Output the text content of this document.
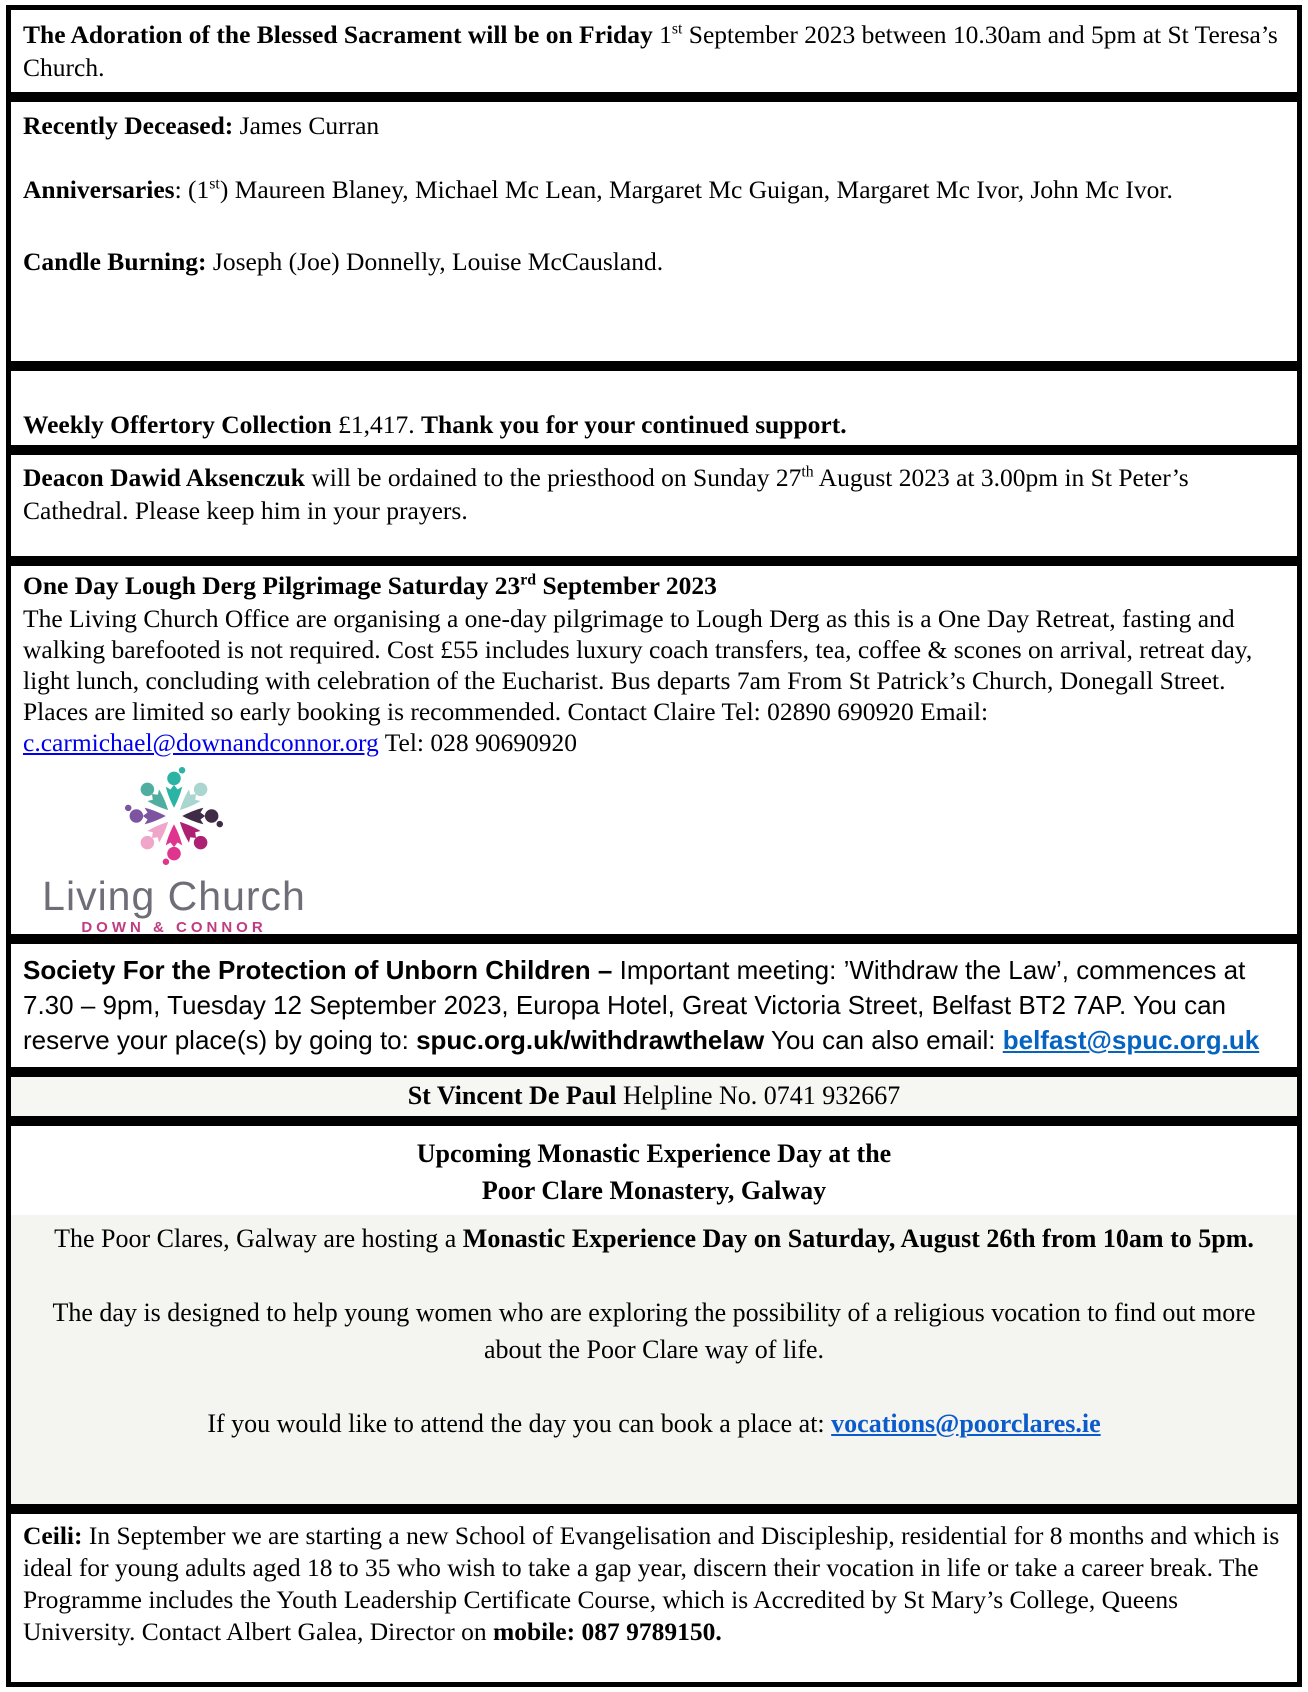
The Adoration of the Blessed Sacrament will be on Friday 1st September 2023 between 10.30am and 5pm at St Teresa’s Church.

Recently Deceased: James Curran

Anniversaries: (1st) Maureen Blaney, Michael Mc Lean, Margaret Mc Guigan, Margaret Mc Ivor, John Mc Ivor.

Candle Burning: Joseph (Joe) Donnelly, Louise McCausland.

Weekly Offertory Collection £1,417. Thank you for your continued support.

Deacon Dawid Aksenczuk will be ordained to the priesthood on Sunday 27th August 2023 at 3.00pm in St Peter’s Cathedral. Please keep him in your prayers.

One Day Lough Derg Pilgrimage Saturday 23rd September 2023

The Living Church Office are organising a one-day pilgrimage to Lough Derg as this is a One Day Retreat, fasting and walking barefooted is not required. Cost £55 includes luxury coach transfers, tea, coffee & scones on arrival, retreat day, light lunch, concluding with celebration of the Eucharist. Bus departs 7am From St Patrick’s Church, Donegall Street. Places are limited so early booking is recommended. Contact Claire Tel: 02890 690920 Email: c.carmichael@downandconnor.org Tel: 028 90690920

Living Church
DOWN & CONNOR

Society For the Protection of Unborn Children – Important meeting: ’Withdraw the Law’, commences at 7.30 – 9pm, Tuesday 12 September 2023, Europa Hotel, Great Victoria Street, Belfast BT2 7AP. You can reserve your place(s) by going to: spuc.org.uk/withdrawthelaw You can also email: belfast@spuc.org.uk

St Vincent De Paul Helpline No. 0741 932667

Upcoming Monastic Experience Day at the

Poor Clare Monastery, Galway

The Poor Clares, Galway are hosting a Monastic Experience Day on Saturday, August 26th from 10am to 5pm.

The day is designed to help young women who are exploring the possibility of a religious vocation to find out more about the Poor Clare way of life.

If you would like to attend the day you can book a place at: vocations@poorclares.ie

Ceili: In September we are starting a new School of Evangelisation and Discipleship, residential for 8 months and which is ideal for young adults aged 18 to 35 who wish to take a gap year, discern their vocation in life or take a career break. The Programme includes the Youth Leadership Certificate Course, which is Accredited by St Mary’s College, Queens University. Contact Albert Galea, Director on mobile: 087 9789150.
